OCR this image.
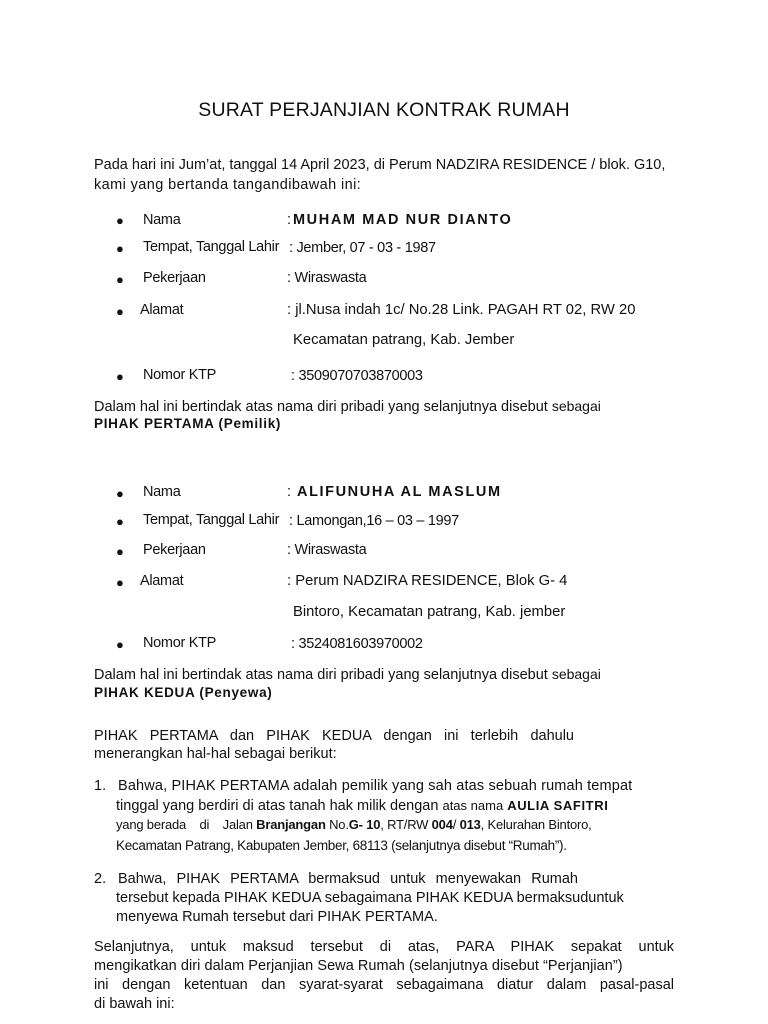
SURAT PERJANJIAN KONTRAK RUMAH
Pada hari ini Jum’at, tanggal 14 April 2023, di Perum NADZIRA RESIDENCE / blok. G10,
kami yang bertanda tangandibawah ini:
● Nama	: MUHAM MAD NUR DIANTO
● Tempat, Tanggal Lahir : Jember, 07 - 03 - 1987
● Pekerjaan	: Wiraswasta
● Alamat	: jl.Nusa indah 1c/ No.28 Link. PAGAH RT 02, RW 20
Kecamatan patrang, Kab. Jember
● Nomor KTP	: 3509070703870003
Dalam hal ini bertindak atas nama diri pribadi yang selanjutnya disebut sebagai
PIHAK PERTAMA (Pemilik)
● Nama	: ALIFUNUHA AL MASLUM
● Tempat, Tanggal Lahir : Lamongan,16 – 03 – 1997
● Pekerjaan	: Wiraswasta
● Alamat	: Perum NADZIRA RESIDENCE, Blok G- 4
Bintoro, Kecamatan patrang, Kab. jember
● Nomor KTP	: 3524081603970002
Dalam hal ini bertindak atas nama diri pribadi yang selanjutnya disebut sebagai
PIHAK KEDUA (Penyewa)
PIHAK PERTAMA dan PIHAK KEDUA dengan ini terlebih dahulu
menerangkan hal-hal sebagai berikut:
1. Bahwa, PIHAK PERTAMA adalah pemilik yang sah atas sebuah rumah tempat
tinggal yang berdiri di atas tanah hak milik dengan atas nama AULIA SAFITRI
yang berada di Jalan Branjangan No.G- 10, RT/RW 004/ 013, Kelurahan Bintoro,
Kecamatan Patrang, Kabupaten Jember, 68113 (selanjutnya disebut “Rumah”).
2. Bahwa, PIHAK PERTAMA bermaksud untuk menyewakan Rumah
tersebut kepada PIHAK KEDUA sebagaimana PIHAK KEDUA bermaksuduntuk
menyewa Rumah tersebut dari PIHAK PERTAMA.
Selanjutnya, untuk maksud tersebut di atas, PARA PIHAK sepakat untuk
mengikatkan diri dalam Perjanjian Sewa Rumah (selanjutnya disebut “Perjanjian”)
ini dengan ketentuan dan syarat-syarat sebagaimana diatur dalam pasal-pasal
di bawah ini:
